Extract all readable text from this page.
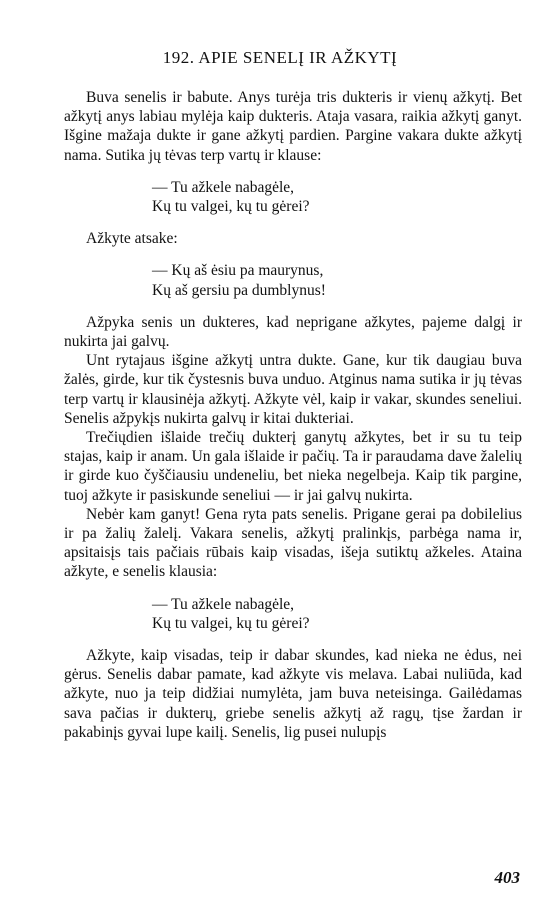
192. APIE SENELĮ IR AŽKYTĮ

Buva senelis ir babute. Anys turėja tris dukteris ir vienų ažkytį. Bet ažkytį anys labiau mylėja kaip dukteris. Ataja vasara, raikia ažkytį ganyt. Išgine mažaja dukte ir gane ažkytį pardien. Pargine vakara dukte ažkytį nama. Sutika jų tėvas terp vartų ir klause:

— Tu ažkele nabagėle,
Kų tu valgei, kų tu gėrei?

Ažkyte atsake:

— Kų aš ėsiu pa maurynus,
Kų aš gersiu pa dumblynus!

Ažpyka senis un dukteres, kad neprigane ažkytes, pajeme dalgį ir nukirta jai galvų.

Unt rytajaus išgine ažkytį untra dukte. Gane, kur tik daugiau buva žalės, girde, kur tik čystesnis buva unduo. Atginus nama sutika ir jų tėvas terp vartų ir klausinėja ažkytį. Ažkyte vėl, kaip ir vakar, skundes seneliui. Senelis ažpykįs nukirta galvų ir kitai dukteriai.

Trečiųdien išlaide trečių dukterį ganytų ažkytes, bet ir su tu teip stajas, kaip ir anam. Un gala išlaide ir pačių. Ta ir paraudama dave žalelių ir girde kuo čyščiausiu undeneliu, bet nieka negelbeja. Kaip tik pargine, tuoj ažkyte ir pasiskunde seneliui — ir jai galvų nukirta.

Nebėr kam ganyt! Gena ryta pats senelis. Prigane gerai pa dobilelius ir pa žalių žalelį. Vakara senelis, ažkytį pralinkįs, parbėga nama ir, apsitaisįs tais pačiais rūbais kaip visadas, išeja sutiktų ažkeles. Ataina ažkyte, e senelis klausia:

— Tu ažkele nabagėle,
Kų tu valgei, kų tu gėrei?

Ažkyte, kaip visadas, teip ir dabar skundes, kad nieka ne ėdus, nei gėrus. Senelis dabar pamate, kad ažkyte vis melava. Labai nuliūda, kad ažkyte, nuo ja teip didžiai numylėta, jam buva neteisinga. Gailėdamas sava pačias ir dukterų, griebe senelis ažkytį až ragų, tįse žardan ir pakabinįs gyvai lupe kailį. Senelis, lig pusei nulupįs

403
